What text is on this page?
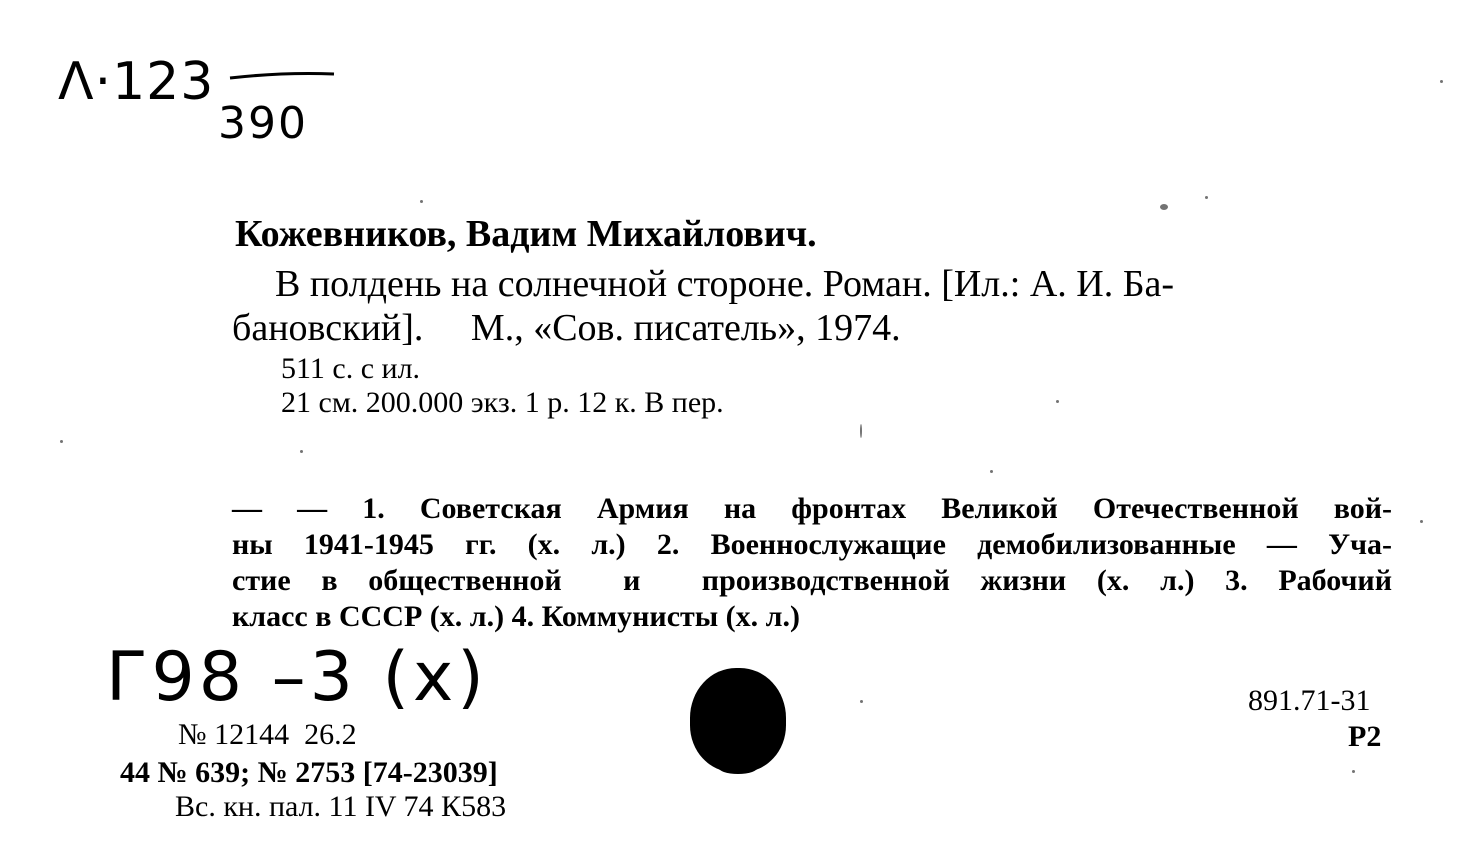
Λ·123
390
Кожевников, Вадим Михайлович.
В полдень на солнечной стороне. Роман. [Ил.: А. И. Ба-
бановский].     М., «Сов. писатель», 1974.
511 с. с ил.
21 см. 200.000 экз. 1 р. 12 к. В пер.
— — 1. Советская Армия на фронтах Великой Отечественной вой-
ны 1941-1945 гг. (х. л.) 2. Военнослужащие демобилизованные — Уча-
стие в общественной  и  производственной жизни (х. л.) 3. Рабочий
класс в СССР (х. л.) 4. Коммунисты (х. л.)
Г98 –3 (х)	891.71-31
Р2
№ 12144  26.2
44 № 639; № 2753 [74-23039]
Вс. кн. пал. 11 IV 74 К583
